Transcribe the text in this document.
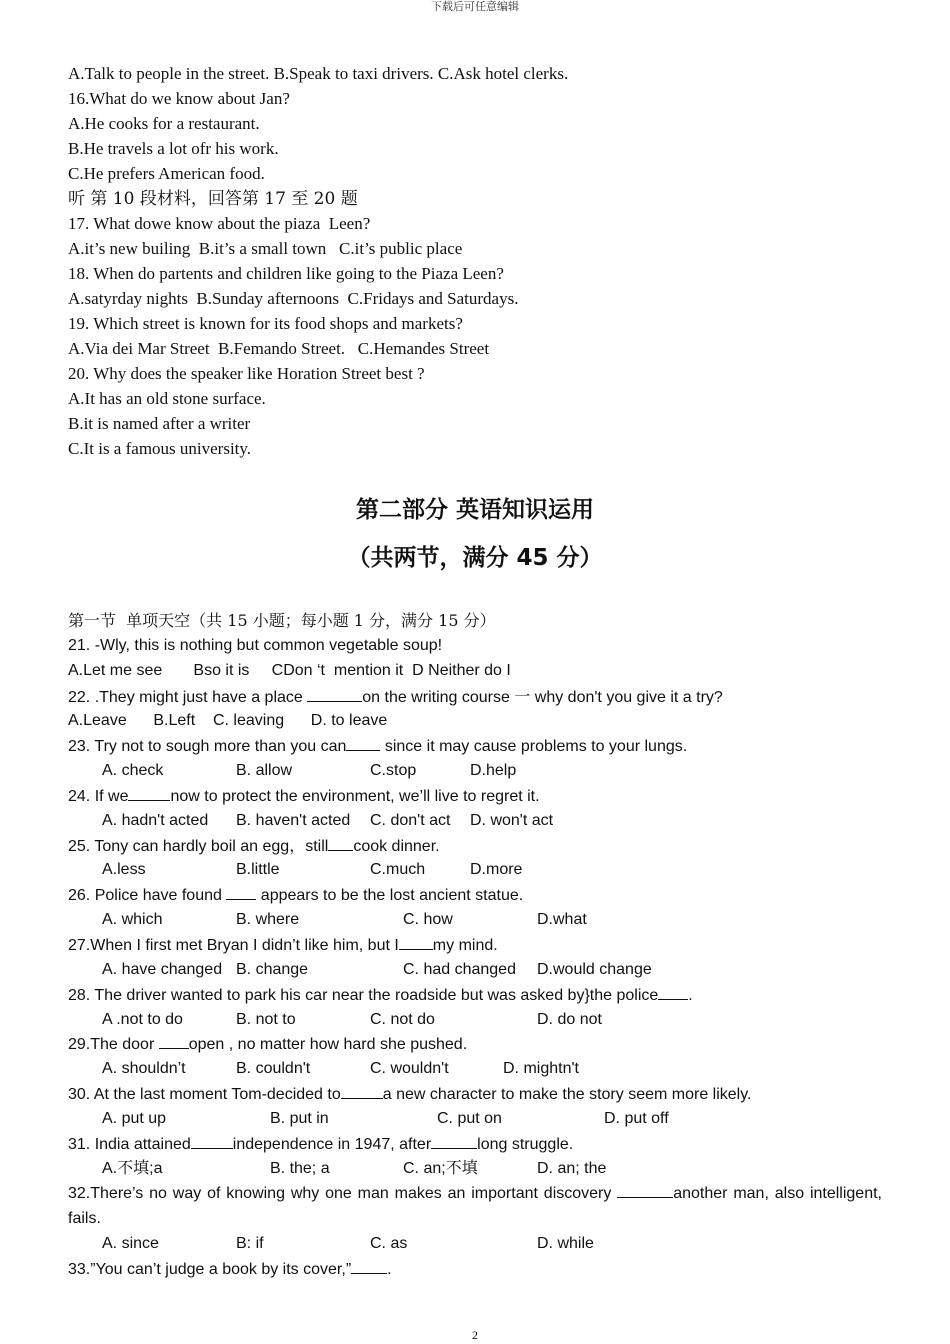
下载后可任意编辑
A.Talk to people in the street. B.Speak to taxi drivers. C.Ask hotel clerks.
16.What do we know about Jan?
A.He cooks for a restaurant.
B.He travels a lot ofr his work.
C.He prefers American food.
听 第 10 段材料，回答第 17 至 20 题
17. What dowe know about the piaza  Leen?
A.it’s new builing  B.it’s a small town   C.it’s public place
18. When do partents and children like going to the Piaza Leen?
A.satyrday nights  B.Sunday afternoons  C.Fridays and Saturdays.
19. Which street is known for its food shops and markets?
A.Via dei Mar Street  B.Femando Street.   C.Hemandes Street
20. Why does the speaker like Horation Street best ?
A.It has an old stone surface.
B.it is named after a writer
C.It is a famous university.
第二部分 英语知识运用
（共两节，满分 45 分）
第一节  单项天空（共 15 小题；每小题 1 分，满分 15 分）
21. -Wly, this is nothing but common vegetable soup!
A.Let me see       Bso it is     CDon ‘t  mention it  D Neither do I
22. .They might just have a place	on the writing course 一 why don't you give it a try?
A.Leave      B.Left    C. leaving      D. to leave
23. Try not to sough more than you can since it may cause problems to your lungs.
A. check	B. allow	C.stop	D.help
24. If we	now to protect the environment, we’ll live to regret it.
A. hadn't acted B. haven't acted C. don't act D. won't act
25. Tony can hardly boil an egg，still cook dinner.
A.less	B.little	C.much	D.more
26. Police have found  appears to be the lost ancient statue.
A. which	B. where	C. how	D.what
27.When I first met Bryan I didn’t like him, but I my mind.
A. have changed B. change	C. had changed D.would change
28. The driver wanted to park his car near the roadside but was asked by}the police .
A .not to do	B. not to	C. not do	D. do not
29.The door open , no matter how hard she pushed.
A. shouldn’t	B. couldn't	C. wouldn't	D. mightn't
30. At the last moment Tom-decided to	a new character to make the story seem more likely.
A. put up	B. put in	C. put on	D. put off
31. India attained	independence in 1947, after	long struggle.
A.不填;a	B. the; a	C. an;不填	D. an; the
32.There’s no way of knowing why one man makes an important discovery	another man, also intelligent, fails.
A. since	B: if	C. as	D. while
33.”You can’t judge a book by its cover,” .
2
